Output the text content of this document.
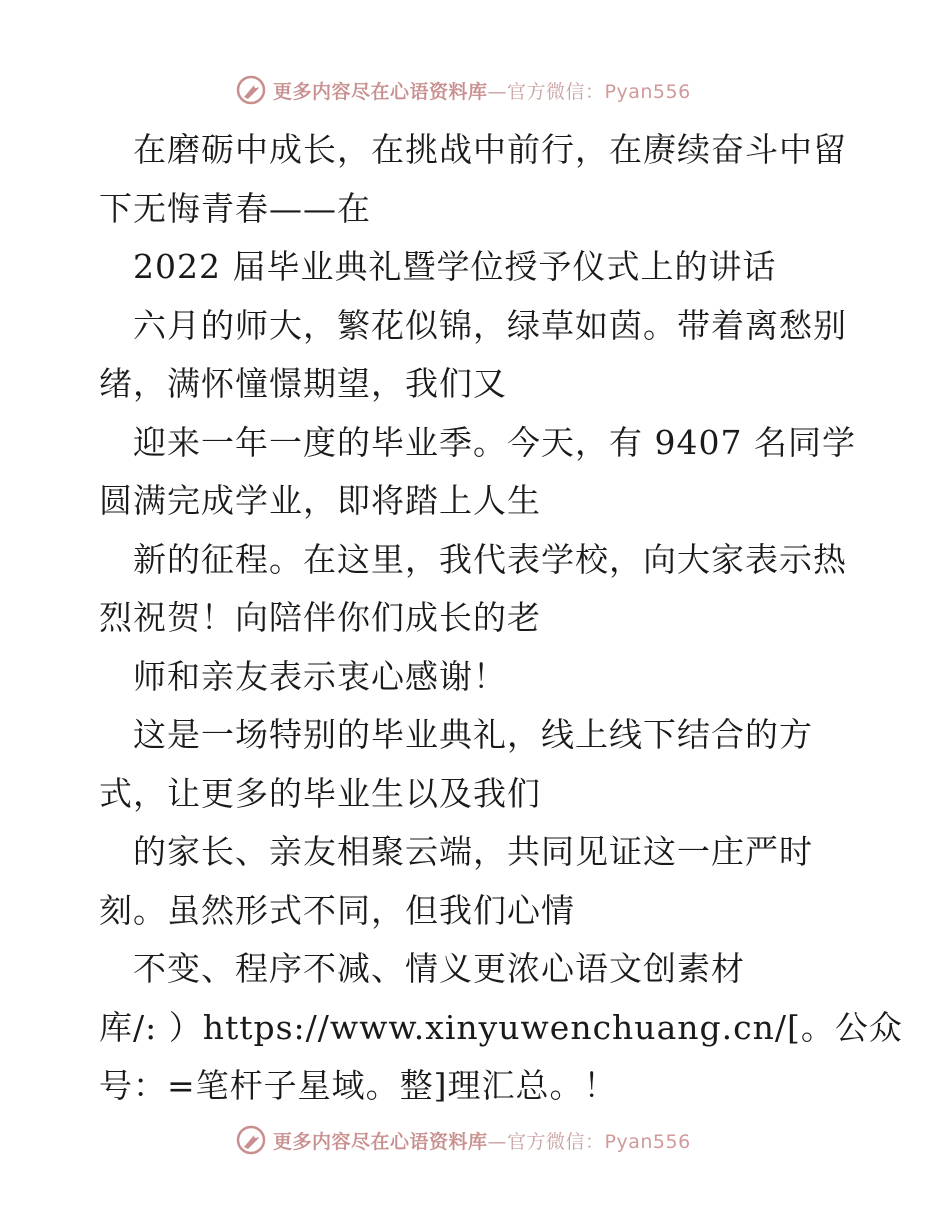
更多内容尽在心语资料库—官方微信：Pyan556
　在磨砺中成长，在挑战中前行，在赓续奋斗中留
下无悔青春——在
　2022 届毕业典礼暨学位授予仪式上的讲话
　六月的师大，繁花似锦，绿草如茵。带着离愁别
绪，满怀憧憬期望，我们又
　迎来一年一度的毕业季。今天，有 9407 名同学
圆满完成学业，即将踏上人生
　新的征程。在这里，我代表学校，向大家表示热
烈祝贺！向陪伴你们成长的老
　师和亲友表示衷心感谢！
　这是一场特别的毕业典礼，线上线下结合的方
式，让更多的毕业生以及我们
　的家长、亲友相聚云端，共同见证这一庄严时
刻。虽然形式不同，但我们心情
　不变、程序不减、情义更浓心语文创素材
库/: ）https://www.xinyuwenchuang.cn/[。公众
号：=笔杆子星域。整]理汇总。！
更多内容尽在心语资料库—官方微信：Pyan556
